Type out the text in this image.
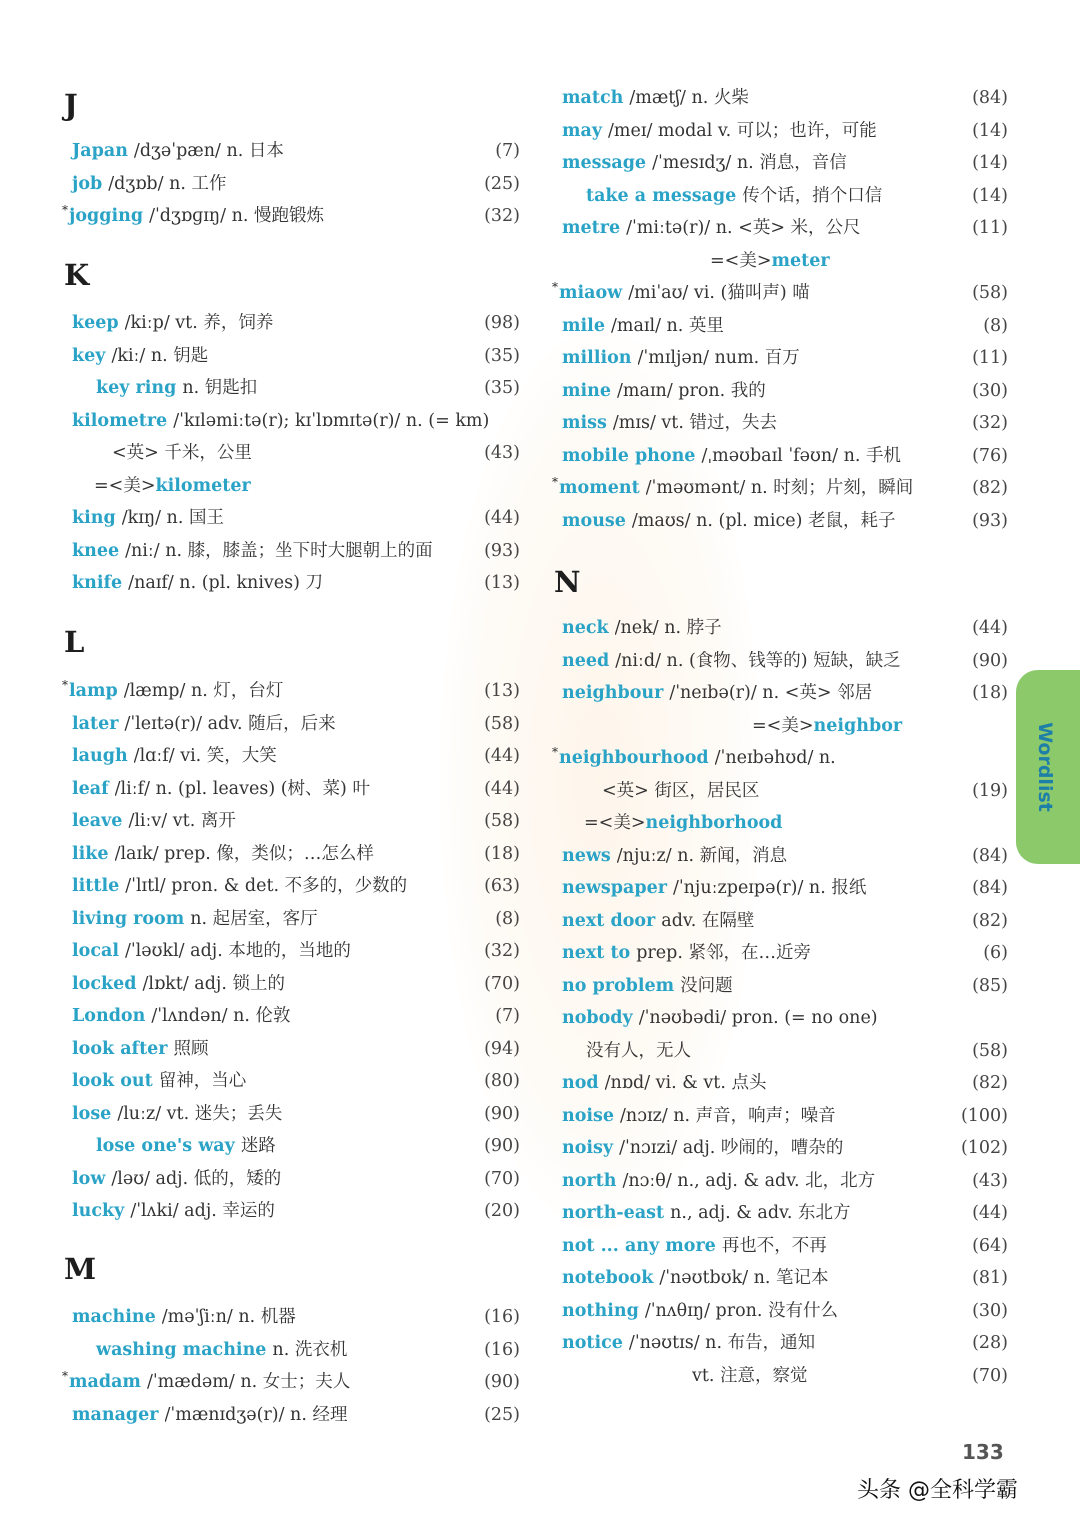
J
Japan /dʒəˈpæn/ n. 日本	(7)
job /dʒɒb/ n. 工作	(25)
* jogging /ˈdʒɒɡɪŋ/ n. 慢跑锻炼	(32)
K
keep /kiːp/ vt. 养，饲养	(98)
key /kiː/ n. 钥匙	(35)
key ring n. 钥匙扣	(35)
kilometre /ˈkɪləmiːtə(r); kɪˈlɒmɪtə(r)/ n. (= km)
<英> 千米，公里	(43)
=<美> kilometer
king /kɪŋ/ n. 国王	(44)
knee /niː/ n. 膝，膝盖；坐下时大腿朝上的面	(93)
knife /naɪf/ n. (pl. knives) 刀	(13)
L
* lamp /læmp/ n. 灯，台灯	(13)
later /ˈleɪtə(r)/ adv. 随后，后来	(58)
laugh /lɑːf/ vi. 笑，大笑	(44)
leaf /liːf/ n. (pl. leaves) (树、菜) 叶	(44)
leave /liːv/ vt. 离开	(58)
like /laɪk/ prep. 像，类似；…怎么样	(18)
little /ˈlɪtl/ pron. & det. 不多的，少数的	(63)
living room n. 起居室，客厅	(8)
local /ˈləʊkl/ adj. 本地的，当地的	(32)
locked /lɒkt/ adj. 锁上的	(70)
London /ˈlʌndən/ n. 伦敦	(7)
look after 照顾	(94)
look out 留神，当心	(80)
lose /luːz/ vt. 迷失；丢失	(90)
lose one's way 迷路	(90)
low /ləʊ/ adj. 低的，矮的	(70)
lucky /ˈlʌki/ adj. 幸运的	(20)
M
machine /məˈʃiːn/ n. 机器	(16)
washing machine n. 洗衣机	(16)
* madam /ˈmædəm/ n. 女士；夫人	(90)
manager /ˈmænɪdʒə(r)/ n. 经理	(25)
match /mætʃ/ n. 火柴	(84)
may /meɪ/ modal v. 可以；也许，可能	(14)
message /ˈmesɪdʒ/ n. 消息，音信	(14)
take a message 传个话，捎个口信	(14)
metre /ˈmiːtə(r)/ n. <英> 米，公尺	(11)
=<美> meter
* miaow /miˈaʊ/ vi. (猫叫声) 喵	(58)
mile /maɪl/ n. 英里	(8)
million /ˈmɪljən/ num. 百万	(11)
mine /maɪn/ pron. 我的	(30)
miss /mɪs/ vt. 错过，失去	(32)
mobile phone /ˌməʊbaɪl ˈfəʊn/ n. 手机	(76)
* moment /ˈməʊmənt/ n. 时刻；片刻，瞬间	(82)
mouse /maʊs/ n. (pl. mice) 老鼠，耗子	(93)
N
neck /nek/ n. 脖子	(44)
need /niːd/ n. (食物、钱等的) 短缺，缺乏	(90)
neighbour /ˈneɪbə(r)/ n. <英> 邻居	(18)
=<美> neighbor
* neighbourhood /ˈneɪbəhʊd/ n.
<英> 街区，居民区	(19)
=<美> neighborhood
news /njuːz/ n. 新闻，消息	(84)
newspaper /ˈnjuːzpeɪpə(r)/ n. 报纸	(84)
next door adv. 在隔壁	(82)
next to prep. 紧邻，在…近旁	(6)
no problem 没问题	(85)
nobody /ˈnəʊbədi/ pron. (= no one)
没有人，无人	(58)
nod /nɒd/ vi. & vt. 点头	(82)
noise /nɔɪz/ n. 声音，响声；噪音	(100)
noisy /ˈnɔɪzi/ adj. 吵闹的，嘈杂的	(102)
north /nɔːθ/ n., adj. & adv. 北，北方	(43)
north-east n., adj. & adv. 东北方	(44)
not ... any more 再也不，不再	(64)
notebook /ˈnəʊtbʊk/ n. 笔记本	(81)
nothing /ˈnʌθɪŋ/ pron. 没有什么	(30)
notice /ˈnəʊtɪs/ n. 布告，通知	(28)
vt. 注意，察觉	(70)
Wordlist
133
头条 @全科学霸
